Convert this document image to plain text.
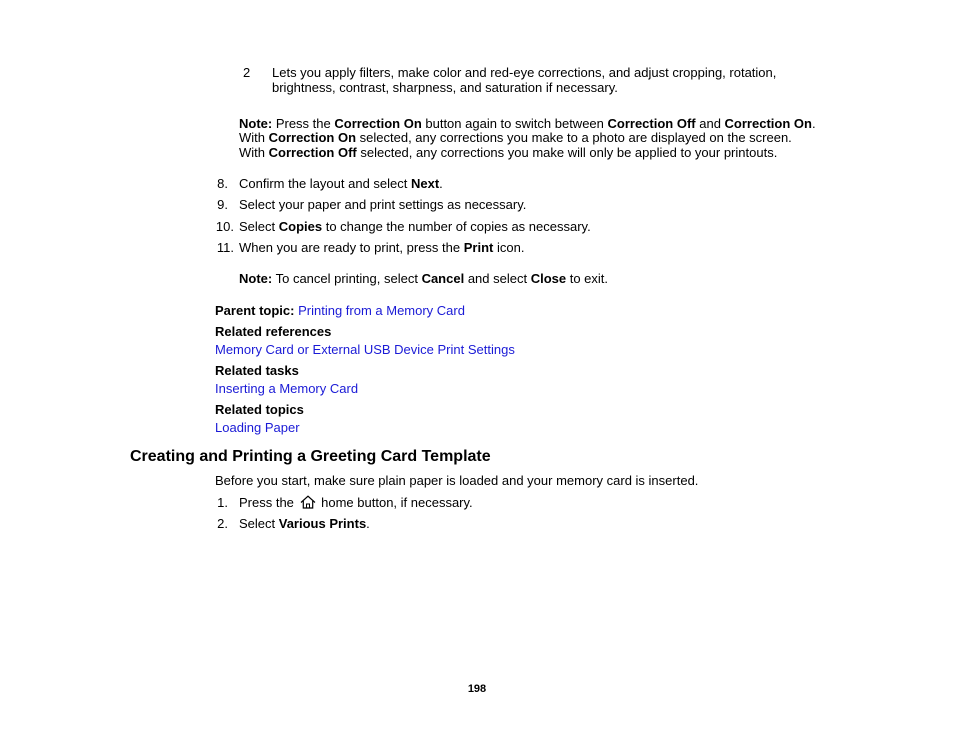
2 Lets you apply filters, make color and red-eye corrections, and adjust cropping, rotation,
brightness, contrast, sharpness, and saturation if necessary.
Note: Press the Correction On button again to switch between Correction Off and Correction On.
With Correction On selected, any corrections you make to a photo are displayed on the screen.
With Correction Off selected, any corrections you make will only be applied to your printouts.
8. Confirm the layout and select Next.
9. Select your paper and print settings as necessary.
10. Select Copies to change the number of copies as necessary.
11. When you are ready to print, press the Print icon.
Note: To cancel printing, select Cancel and select Close to exit.
Parent topic: Printing from a Memory Card
Related references
Memory Card or External USB Device Print Settings
Related tasks
Inserting a Memory Card
Related topics
Loading Paper
Creating and Printing a Greeting Card Template
Before you start, make sure plain paper is loaded and your memory card is inserted.
1. Press the  home button, if necessary.
2. Select Various Prints.
198
